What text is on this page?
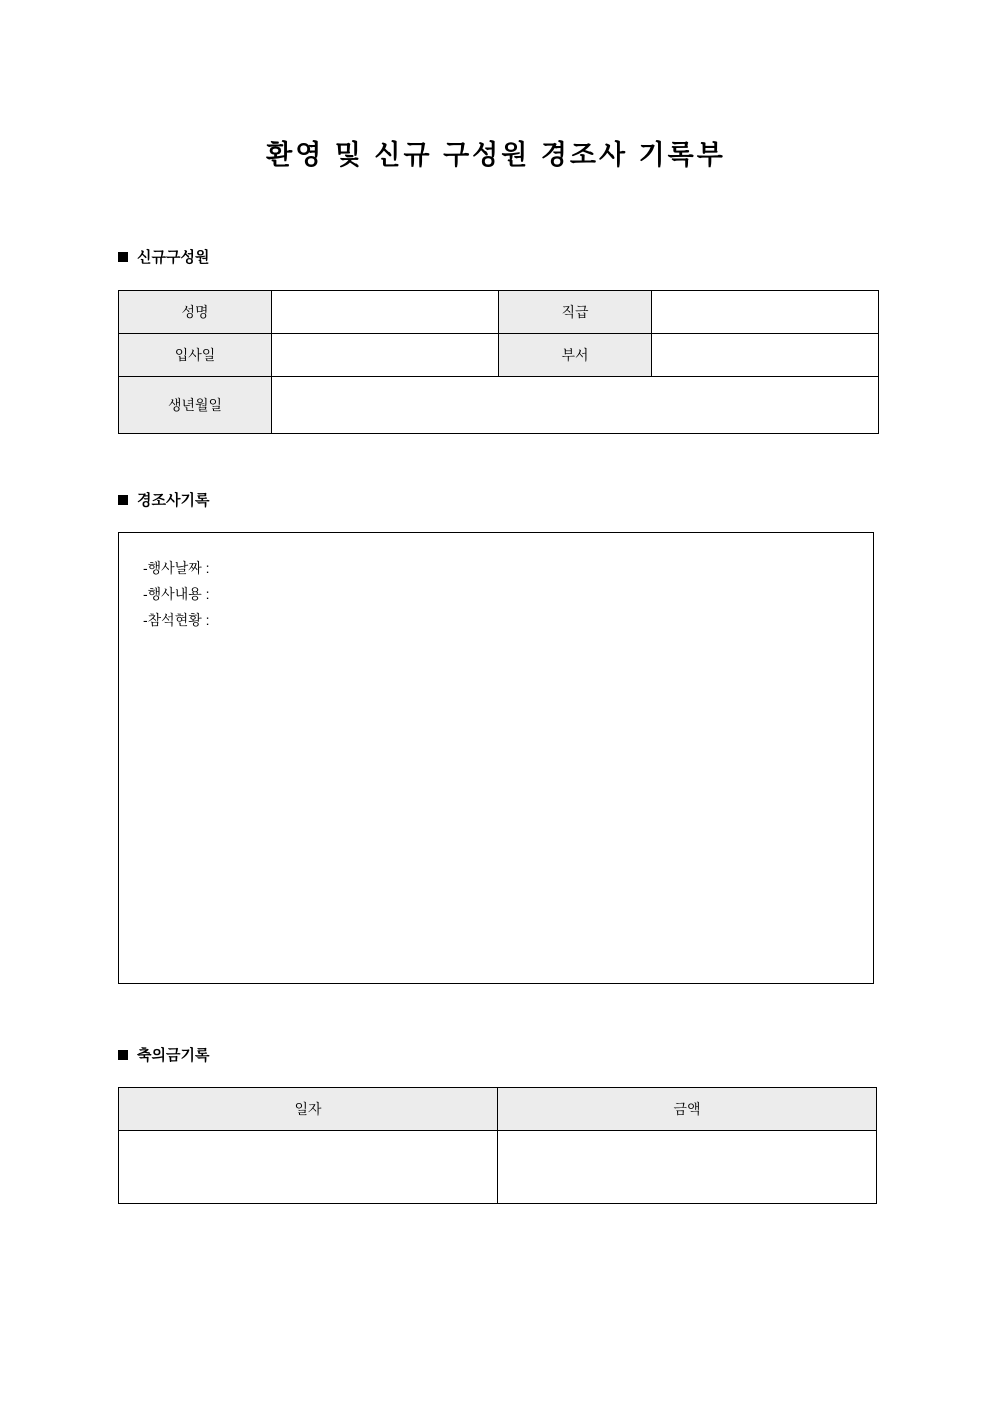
환영 및 신규 구성원 경조사 기록부
신규구성원
성명		직급	
입사일		부서	
생년월일			
경조사기록
-행사날짜 :
-행사내용 :
-참석현황 :
축의금기록
일자	금액
